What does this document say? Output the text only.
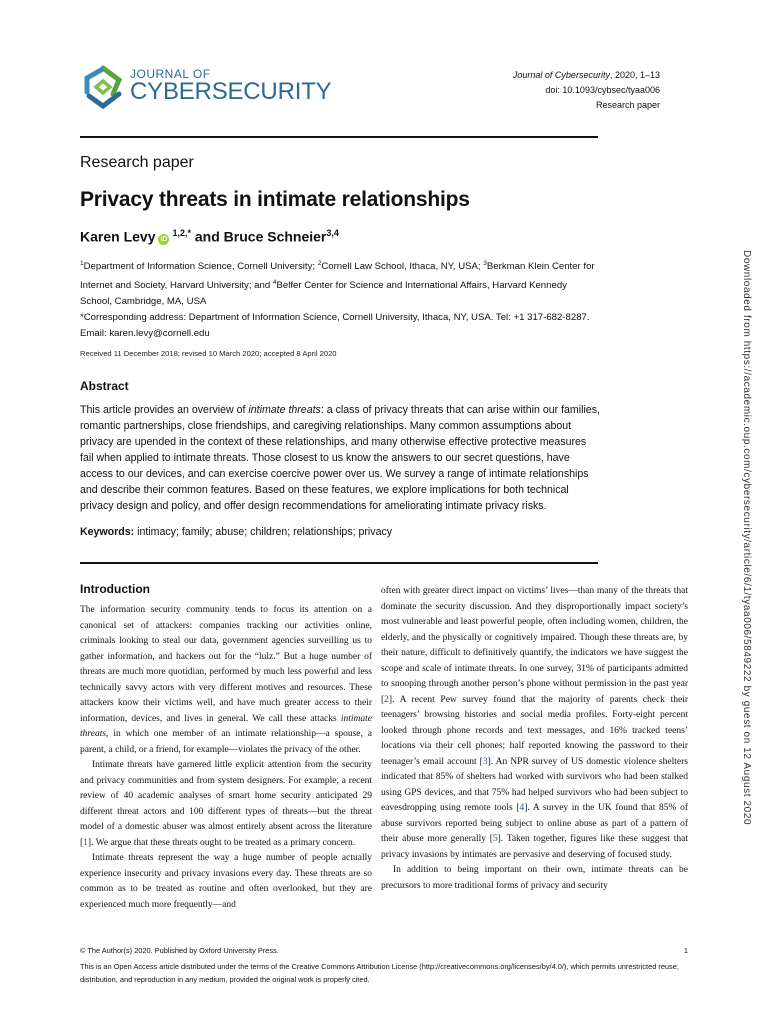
JOURNAL OF
CYBERSECURITY
Journal of Cybersecurity, 2020, 1–13
doi: 10.1093/cybsec/tyaa006
Research paper
Research paper
Privacy threats in intimate relationships
Karen Levy $iD^{1,2,*}$ and Bruce Schneier$^{3,4}$
$^1$Department of Information Science, Cornell University; $^2$Cornell Law School, Ithaca, NY, USA; $^3$Berkman Klein Center for Internet and Society, Harvard University; and $^4$Belfer Center for Science and International Affairs, Harvard Kennedy School, Cambridge, MA, USA
*Corresponding address: Department of Information Science, Cornell University, Ithaca, NY, USA. Tel: +1 317-682-8287. Email: karen.levy@cornell.edu
Received 11 December 2018; revised 10 March 2020; accepted 8 April 2020
Abstract

This article provides an overview of intimate threats: a class of privacy threats that can arise within our families, romantic partnerships, close friendships, and caregiving relationships. Many common assumptions about privacy are upended in the context of these relationships, and many otherwise effective protective measures fail when applied to intimate threats. Those closest to us know the answers to our secret questions, have access to our devices, and can exercise coercive power over us. We survey a range of intimate relationships and describe their common features. Based on these features, we explore implications for both technical privacy design and policy, and offer design recommendations for ameliorating intimate privacy risks.

Keywords: intimacy; family; abuse; children; relationships; privacy
Introduction

The information security community tends to focus its attention on a canonical set of attackers: companies tracking our activities online, criminals looking to steal our data, government agencies surveilling us to gather information, and hackers out for the “lulz.” But a huge number of threats are much more quotidian, performed by much less powerful and less technically savvy actors with very different motives and resources. These attackers know their victims well, and have much greater access to their information, devices, and lives in general. We call these attacks intimate threats, in which one member of an intimate relationship—a spouse, a parent, a child, or a friend, for example—violates the privacy of the other.

Intimate threats have garnered little explicit attention from the security and privacy communities and from system designers. For example, a recent review of 40 academic analyses of smart home security anticipated 29 different threat actors and 100 different types of threats—but the threat model of a domestic abuser was almost entirely absent across the literature [1]. We argue that these threats ought to be treated as a primary concern.

Intimate threats represent the way a huge number of people actually experience insecurity and privacy invasions every day. These threats are so common as to be treated as routine and often overlooked, but they are experienced much more frequently—and

often with greater direct impact on victims’ lives—than many of the threats that dominate the security discussion. And they disproportionally impact society’s most vulnerable and least powerful people, often including women, children, the elderly, and the physically or cognitively impaired. Though these threats are, by their nature, difficult to definitively quantify, the indicators we have suggest the scope and scale of intimate threats. In one survey, 31% of participants admitted to snooping through another person’s phone without permission in the past year [2]. A recent Pew survey found that the majority of parents check their teenagers’ browsing histories and social media profiles. Forty-eight percent looked through phone records and text messages, and 16% tracked teens’ locations via their cell phones; half reported knowing the password to their teenager’s email account [3]. An NPR survey of US domestic violence shelters indicated that 85% of shelters had worked with survivors who had been stalked using GPS devices, and that 75% had helped survivors who had been subject to eavesdropping using remote tools [4]. A survey in the UK found that 85% of abuse survivors reported being subject to online abuse as part of a pattern of their abuse more generally [5]. Taken together, figures like these suggest that privacy invasions by intimates are pervasive and deserving of focused study.

In addition to being important on their own, intimate threats can be precursors to more traditional forms of privacy and security

© The Author(s) 2020. Published by Oxford University Press.	1
This is an Open Access article distributed under the terms of the Creative Commons Attribution License (http://creativecommons.org/licenses/by/4.0/), which permits unrestricted reuse, distribution, and reproduction in any medium, provided the original work is properly cited.
Downloaded from https://academic.oup.com/cybersecurity/article/6/1/tyaa006/5849222 by guest on 12 August 2020
